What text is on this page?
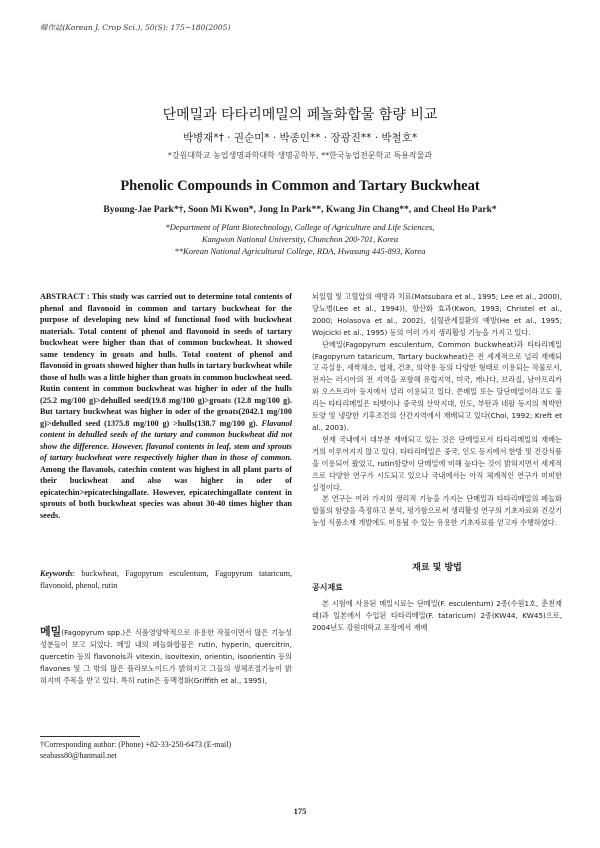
韓作誌(Korean J. Crop Sci.), 50(S): 175~180(2005)
단메밀과 타타리메밀의 페놀화합물 함량 비교
박병재*† · 권순미* · 박종인** · 장광진** · 박철호*
*강원대학교 농업생명과학대학 생명공학부, **한국농업전문학교 특용작물과
Phenolic Compounds in Common and Tartary Buckwheat
Byoung-Jae Park*†, Soon Mi Kwon*, Jong In Park**, Kwang Jin Chang**, and Cheol Ho Park*
*Department of Plant Biotechnology, College of Agriculture and Life Sciences,
Kangwon National University, Chunchon 200-701, Korea
**Korean National Agricultural College, RDA, Hwasung 445-893, Korea
ABSTRACT : This study was carried out to determine total contents of phenol and flavonoid in common and tartary buckwheat for the purpose of developing new kind of functional food with buckwheat materials. Total content of phenol and flavonoid in seeds of tartary buckwheat were higher than that of common buckwheat. It showed same tendency in groats and hulls. Total content of phenol and flavonoid in groats showed higher than hulls in tartary buckwheat while those of hulls was a little higher than groats in common buckwheat seed. Rutin content in common buckwheat was higher in oder of the hulls (25.2 mg/100 g)>dehulled seed(19.8 mg/100 g)>groats (12.8 mg/100 g). But tartary buckwheat was higher in oder of the groats(2042.1 mg/100 g)>dehulled seed (1375.8 mg/100 g) >hulls(138.7 mg/100 g). Flavanol content in dehulled seeds of the tartary and common buckwheat did not show the difference. However, flavanol contents in leaf, stem and sprouts of tartary buckwheat were respectively higher than in those of common. Among the flavanols, catechin content was highest in all plant parts of their buckwheat and also was higher in oder of epicatechin>epicatechingallate. However, epicatechingallate content in sprouts of both buckwheat species was about 30-40 times higher than seeds.
Keywords: buckwheat, Fagopyrum esculentum, Fagopyrum tataricum, flavonoid, phenol, rutin
메밀(Fagopyrum spp.)은 식품영양학적으로 유용한 작물이면서 많은 기능성 성분들이 보고 되었다. 메밀 내의 페놀화합물은 rutin, hyperin, quercitrin, quercetin 등의 flavonols과 vitexin, isovitexin, orientin, isoorientin 등의 flavones 및 그 밖의 많은 플라보노이드가 밝혀지고 그들의 생체조절기능이 밝혀지며 주목을 받고 있다. 특히 rutin은 동맥경화(Griffith et al., 1995),
†Corresponding author: (Phone) +82-33-250-6473 (E-mail) seabass80@hanmail.net

뇌일혈 및 고혈압의 예방과 치료(Matsubara et al., 1995; Lee et al., 2000), 당뇨병(Lee et al., 1994)), 항산화 효과(Kwon, 1993; Christel et al., 2000; Holasova et al., 2002), 심혈관계질환의 예방(He et al., 1995; Wojcicki et al., 1995) 등의 여러 가지 생리활성 기능을 가지고 있다.

단메밀(Fagopyrum esculentum, Common buckwheat)과 타타리메밀(Fagopyrum tataricum, Tartary buckwheat)은 전 세계적으로 널리 재배되고 곡실용, 새싹채소, 엽채, 건초, 의약용 등의 다양한 형태로 이용되는 작물로서, 전자는 러시아의 전 지역을 포함해 유럽지역, 미국, 캐나다, 브라질, 남아프리카와 오스트리아 등지에서 널리 이용되고 있다. 쓴메밀 또는 달단메밀이라고도 불리는 타타리메밀은 티벳이나 중국의 산악지대, 인도, 부탄과 네팔 등지의 척박한 토양 및 냉량한 기후조건의 산간지역에서 재배되고 있다(Choi, 1992; Kreft et al., 2003).

현재 국내에서 대부분 재배되고 있는 것은 단메밀로서 타타리메밀의 재배는 거의 이루어지지 않고 있다. 타타리메밀은 중국, 인도 등지에서 한방 및 건강식품을 이용되어 왔었고, rutin함량이 단메밀에 비해 높다는 것이 밝혀지면서 세계적으로 다양한 연구가 시도되고 있으나 국내에서는 아직 체계적인 연구가 미비한 실정이다.

본 연구는 여러 가지의 생리적 기능을 가지는 단메밀과 타타리메밀의 페놀화합물의 함량을 측정하고 분석, 평가함으로써 생리활성 연구의 기초자료와 건강기능성 식품소재 개발에도 이용될 수 있는 유용한 기초자료를 얻고자 수행하였다.

재료 및 방법
공시재료

본 시험에 사용된 메밀시료는 단메밀(F. esculentum) 2종(수원1호, 춘천재래)과 일본에서 수입된 타타리메밀(F. tataricum) 2종(KW44, KW45)으로, 2004년도 강원대학교 포장에서 재배

175
